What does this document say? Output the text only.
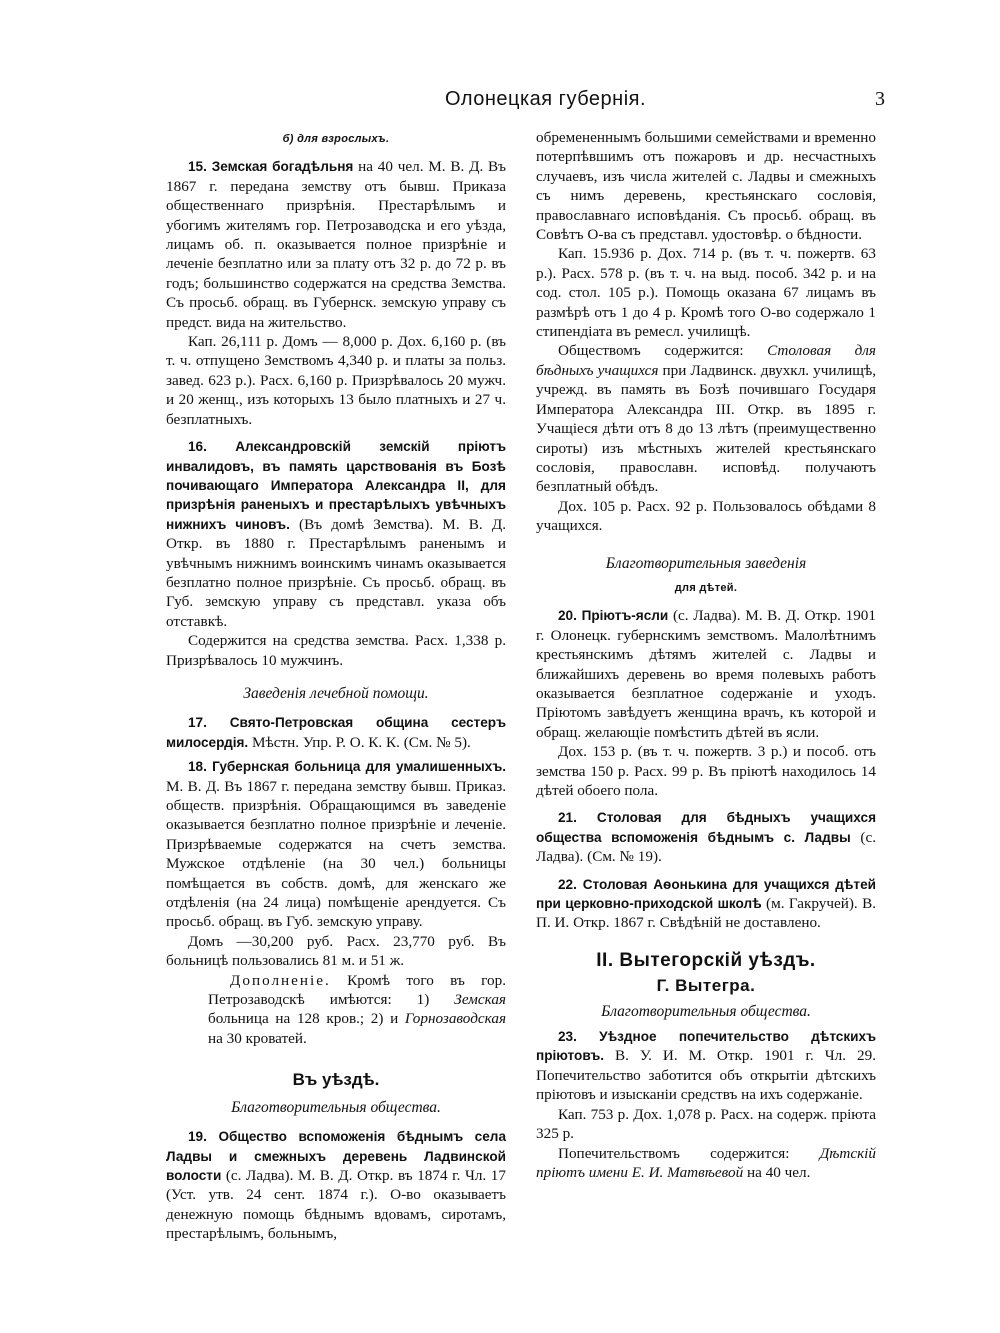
Олонецкая губернія.	3
б) для взрослыхъ.

15. Земская богадѣльня на 40 чел. М. В. Д. Въ 1867 г. передана земству отъ бывш. Приказа общественнаго призрѣнія. Престарѣлымъ и убогимъ жителямъ гор. Петрозаводска и его уѣзда, лицамъ об. п. оказывается полное призрѣніе и леченіе безплатно или за плату отъ 32 р. до 72 р. въ годъ; большинство содержатся на средства Земства. Съ просьб. обращ. въ Губернск. земскую управу съ предст. вида на жительство.

Кап. 26,111 р. Домъ — 8,000 р. Дох. 6,160 р. (въ т. ч. отпущено Земствомъ 4,340 р. и платы за польз. завед. 623 р.). Расх. 6,160 р. Призрѣвалось 20 мужч. и 20 женщ., изъ которыхъ 13 было платныхъ и 27 ч. безплатныхъ.

16. Александровскій земскій пріютъ инвалидовъ, въ память царствованія въ Бозѣ почивающаго Императора Александра II, для призрѣнія раненыхъ и престарѣлыхъ увѣчныхъ нижнихъ чиновъ. (Въ домѣ Земства). М. В. Д. Откр. въ 1880 г. Престарѣлымъ раненымъ и увѣчнымъ нижнимъ воинскимъ чинамъ оказывается безплатно полное призрѣніе. Съ просьб. обращ. въ Губ. земскую управу съ представл. указа объ отставкѣ.

Содержится на средства земства. Расх. 1,338 р. Призрѣвалось 10 мужчинъ.

Заведенія лечебной помощи.

17. Свято-Петровская община сестеръ милосердія. Мѣстн. Упр. Р. О. К. К. (См. № 5).

18. Губернская больница для умалишенныхъ. М. В. Д. Въ 1867 г. передана земству бывш. Приказ. обществ. призрѣнія. Обращающимся въ заведеніе оказывается безплатно полное призрѣніе и леченіе. Призрѣваемые содержатся на счетъ земства. Мужское отдѣленіе (на 30 чел.) больницы помѣщается въ собств. домѣ, для женскаго же отдѣленія (на 24 лица) помѣщеніе арендуется. Съ просьб. обращ. въ Губ. земскую управу.

Домъ —30,200 руб. Расх. 23,770 руб. Въ больницѣ пользовались 81 м. и 51 ж.

Дополненіе. Кромѣ того въ гор. Петрозаводскѣ имѣются: 1) Земская больница на 128 кров.; 2) и Горнозаводская на 30 кроватей.

Въ уѣздѣ.
Благотворительныя общества.

19. Общество вспоможенія бѣднымъ села Ладвы и смежныхъ деревень Ладвинской волости (с. Ладва). М. В. Д. Откр. въ 1874 г. Чл. 17 (Уст. утв. 24 сент. 1874 г.). О-во оказываетъ денежную помощь бѣднымъ вдовамъ, сиротамъ, престарѣлымъ, больнымъ,

обремененнымъ большими семействами и временно потерпѣвшимъ отъ пожаровъ и др. несчастныхъ случаевъ, изъ числа жителей с. Ладвы и смежныхъ съ нимъ деревень, крестьянскаго сословія, православнаго исповѣданія. Съ просьб. обращ. въ Совѣтъ О-ва съ представл. удостовѣр. о бѣдности.

Кап. 15.936 р. Дох. 714 р. (въ т. ч. пожертв. 63 р.). Расх. 578 р. (въ т. ч. на выд. пособ. 342 р. и на сод. стол. 105 р.). Помощь оказана 67 лицамъ въ размѣрѣ отъ 1 до 4 р. Кромѣ того О-во содержало 1 стипендіата въ ремесл. училищѣ.

Обществомъ содержится: Столовая для бѣдныхъ учащихся при Ладвинск. двухкл. училищѣ, учрежд. въ память въ Бозѣ почившаго Государя Императора Александра III. Откр. въ 1895 г. Учащіеся дѣти отъ 8 до 13 лѣтъ (преимущественно сироты) изъ мѣстныхъ жителей крестьянскаго сословія, православн. исповѣд. получаютъ безплатный обѣдъ.

Дох. 105 р. Расх. 92 р. Пользовалось обѣдами 8 учащихся.

Благотворительныя заведенія
для дѣтей.

20. Пріютъ-ясли (с. Ладва). М. В. Д. Откр. 1901 г. Олонецк. губернскимъ земствомъ. Малолѣтнимъ крестьянскимъ дѣтямъ жителей с. Ладвы и ближайшихъ деревень во время полевыхъ работъ оказывается безплатное содержаніе и уходъ. Пріютомъ завѣдуетъ женщина врачъ, къ которой и обращ. желающіе помѣстить дѣтей въ ясли.

Дох. 153 р. (въ т. ч. пожертв. 3 р.) и пособ. отъ земства 150 р. Расх. 99 р. Въ пріютѣ находилось 14 дѣтей обоего пола.

21. Столовая для бѣдныхъ учащихся общества вспоможенія бѣднымъ с. Ладвы (с. Ладва). (См. № 19).

22. Столовая Аѳонькина для учащихся дѣтей при церковно-приходской школѣ (м. Гакручей). В. П. И. Откр. 1867 г. Свѣдѣній не доставлено.

II. Вытегорскій уѣздъ.
Г. Вытегра.
Благотворительныя общества.

23. Уѣздное попечительство дѣтскихъ пріютовъ. В. У. И. М. Откр. 1901 г. Чл. 29. Попечительство заботится объ открытіи дѣтскихъ пріютовъ и изысканіи средствъ на ихъ содержаніе.

Кап. 753 р. Дох. 1,078 р. Расх. на содерж. пріюта 325 р.

Попечительствомъ содержится: Дѣтскій пріютъ имени Е. И. Матвѣевой на 40 чел.
